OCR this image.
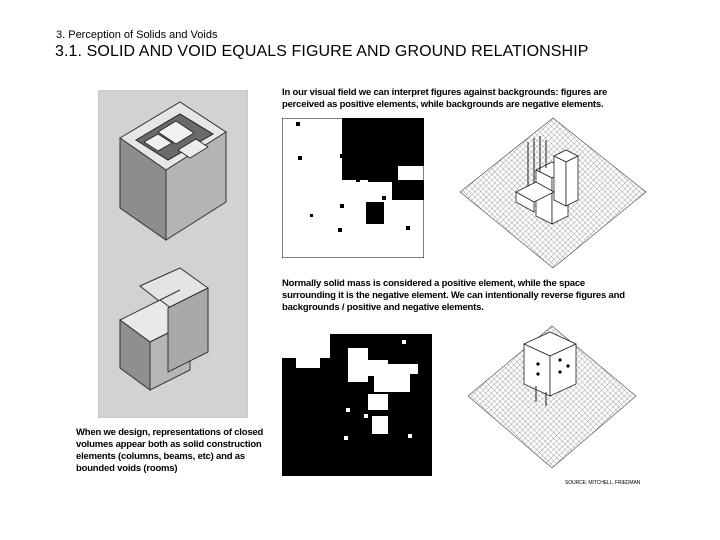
3. Perception of Solids and Voids
3.1. SOLID AND VOID EQUALS FIGURE AND GROUND RELATIONSHIP
In our visual field we can interpret figures against backgrounds: figures are perceived as positive elements, while backgrounds are negative elements.
Normally solid mass is considered a positive element, while the space surrounding it is the negative element. We can intentionally reverse figures and backgrounds / positive and negative elements.
When we design, representations of closed volumes appear both as solid construction elements (columns, beams, etc) and as bounded voids (rooms)
SOURCE: MITCHELL, FRIEDMAN
